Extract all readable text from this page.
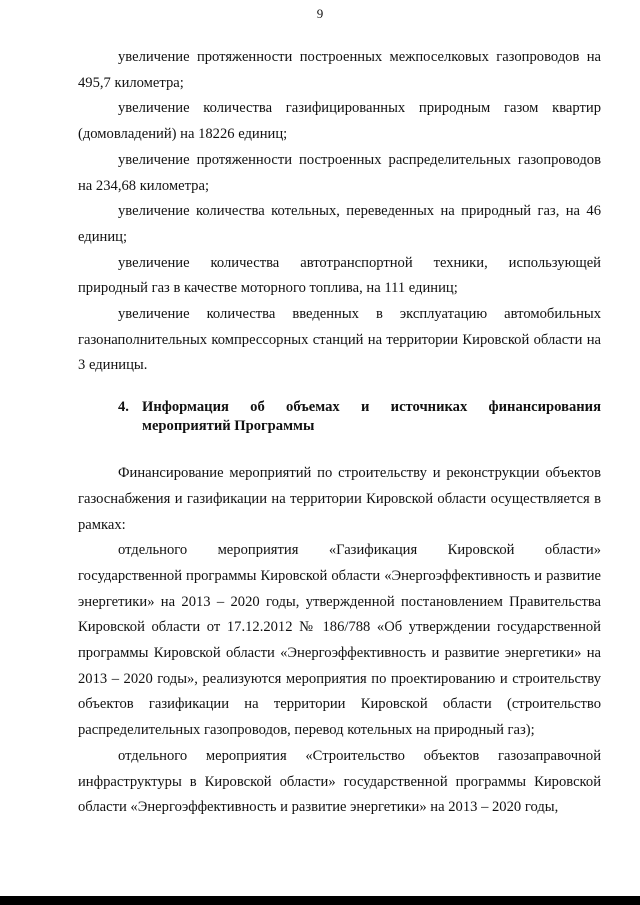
9

увеличение протяженности построенных межпоселковых газопроводов на 495,7 километра;

увеличение количества газифицированных природным газом квартир (домовладений) на 18226 единиц;

увеличение протяженности построенных распределительных газопроводов на 234,68 километра;

увеличение количества котельных, переведенных на природный газ, на 46 единиц;

увеличение количества автотранспортной техники, использующей природный газ в качестве моторного топлива, на 111 единиц;

увеличение количества введенных в эксплуатацию автомобильных газонаполнительных компрессорных станций на территории Кировской области на 3 единицы.

4. Информация об объемах и источниках финансирования
мероприятий Программы

Финансирование мероприятий по строительству и реконструкции объектов газоснабжения и газификации на территории Кировской области осуществляется в рамках:

отдельного мероприятия «Газификация Кировской области» государственной программы Кировской области «Энергоэффективность и развитие энергетики» на 2013 – 2020 годы, утвержденной постановлением Правительства Кировской области от 17.12.2012 № 186/788 «Об утверждении государственной программы Кировской области «Энергоэффективность и развитие энергетики» на 2013 – 2020 годы», реализуются мероприятия по проектированию и строительству объектов газификации на территории Кировской области (строительство распределительных газопроводов, перевод котельных на природный газ);

отдельного мероприятия «Строительство объектов газозаправочной инфраструктуры в Кировской области» государственной программы Кировской области «Энергоэффективность и развитие энергетики» на 2013 – 2020 годы,
